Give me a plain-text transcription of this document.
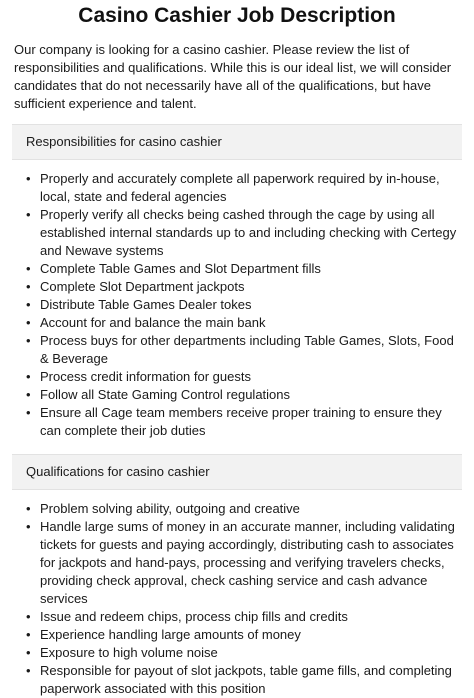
Casino Cashier Job Description

Our company is looking for a casino cashier. Please review the list of responsibilities and qualifications. While this is our ideal list, we will consider candidates that do not necessarily have all of the qualifications, but have sufficient experience and talent.

Responsibilities for casino cashier
• Properly and accurately complete all paperwork required by in-house, local, state and federal agencies
• Properly verify all checks being cashed through the cage by using all established internal standards up to and including checking with Certegy and Newave systems
• Complete Table Games and Slot Department fills
• Complete Slot Department jackpots
• Distribute Table Games Dealer tokes
• Account for and balance the main bank
• Process buys for other departments including Table Games, Slots, Food & Beverage
• Process credit information for guests
• Follow all State Gaming Control regulations
• Ensure all Cage team members receive proper training to ensure they can complete their job duties
Qualifications for casino cashier
• Problem solving ability, outgoing and creative
• Handle large sums of money in an accurate manner, including validating tickets for guests and paying accordingly, distributing cash to associates for jackpots and hand-pays, processing and verifying travelers checks, providing check approval, check cashing service and cash advance services
• Issue and redeem chips, process chip fills and credits
• Experience handling large amounts of money
• Exposure to high volume noise
• Responsible for payout of slot jackpots, table game fills, and completing paperwork associated with this position
